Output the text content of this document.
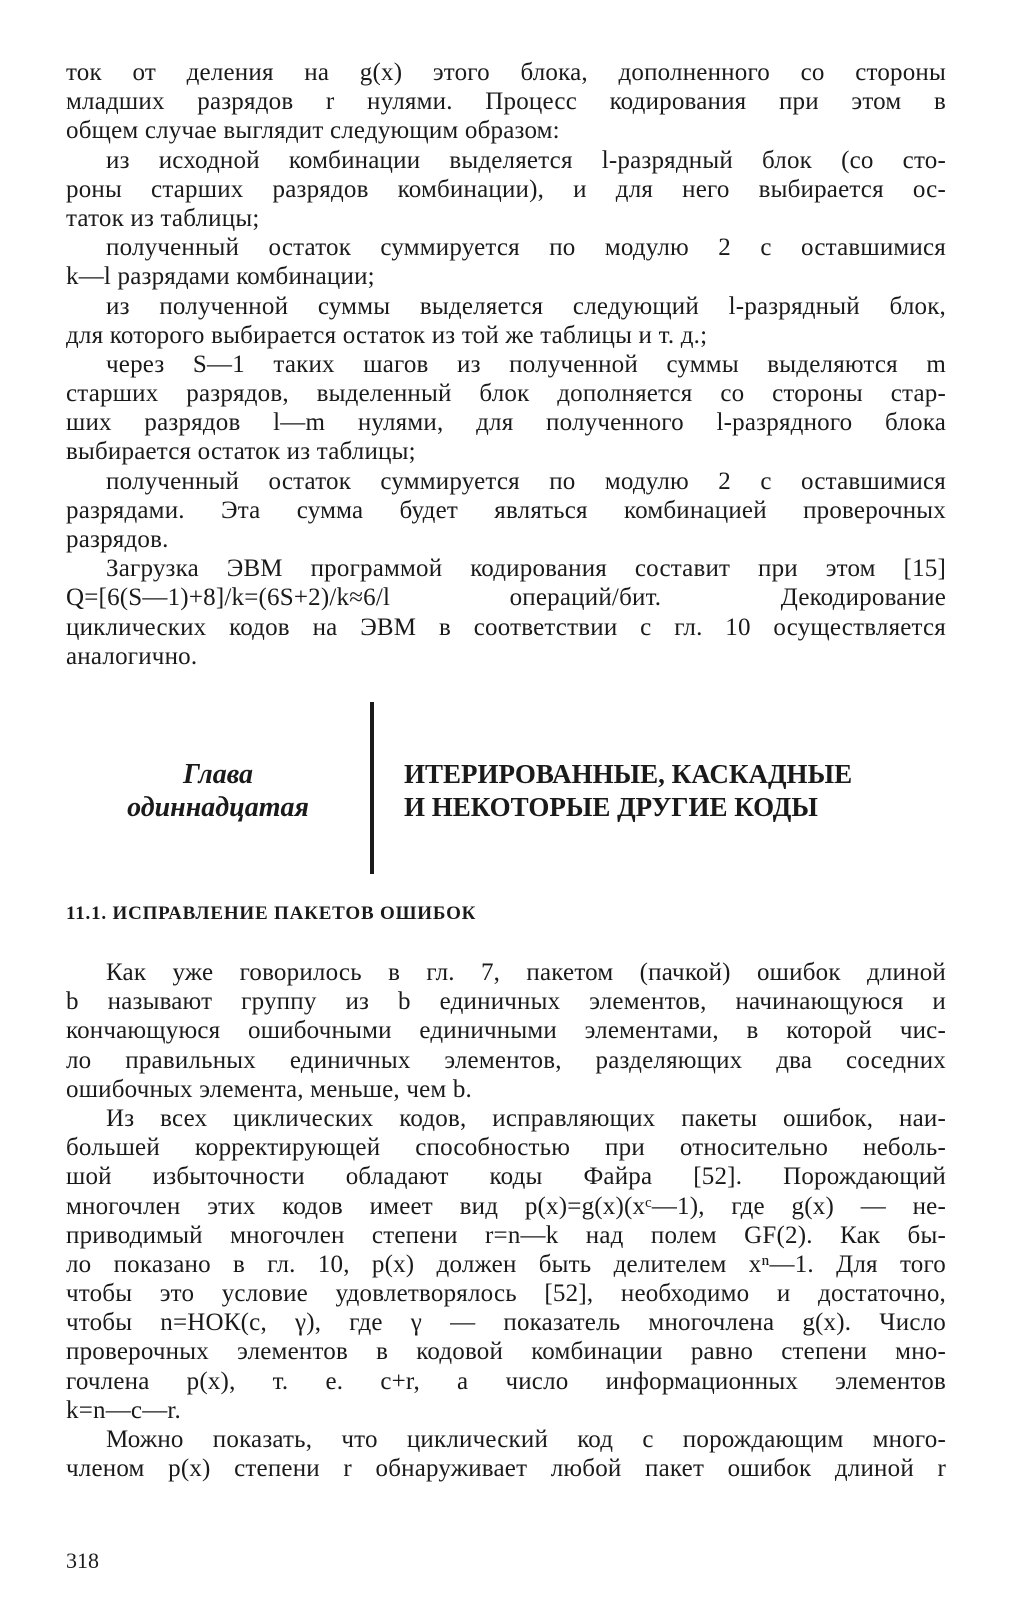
ток от деления на g(x) этого блока, дополненного со стороны
младших разрядов r нулями. Процесс кодирования при этом в
общем случае выглядит следующим образом:
из исходной комбинации выделяется l-разрядный блок (со сто-
роны старших разрядов комбинации), и для него выбирается ос-
таток из таблицы;
полученный остаток суммируется по модулю 2 с оставшимися
k—l разрядами комбинации;
из полученной суммы выделяется следующий l-разрядный блок,
для которого выбирается остаток из той же таблицы и т. д.;
через S—1 таких шагов из полученной суммы выделяются m
старших разрядов, выделенный блок дополняется со стороны стар-
ших разрядов l—m нулями, для полученного l-разрядного блока
выбирается остаток из таблицы;
полученный остаток суммируется по модулю 2 с оставшимися
разрядами. Эта сумма будет являться комбинацией проверочных
разрядов.
Загрузка ЭВМ программой кодирования составит при этом [15]
Q=[6(S—1)+8]/k=(6S+2)/k≈6/l операций/бит. Декодирование
циклических кодов на ЭВМ в соответствии с гл. 10 осуществляется
аналогично.
Глава
одиннадцатая
ИТЕРИРОВАННЫЕ, КАСКАДНЫЕ
И НЕКОТОРЫЕ ДРУГИЕ КОДЫ
11.1. ИСПРАВЛЕНИЕ ПАКЕТОВ ОШИБОК
Как уже говорилось в гл. 7, пакетом (пачкой) ошибок длиной
b называют группу из b единичных элементов, начинающуюся и
кончающуюся ошибочными единичными элементами, в которой чис-
ло правильных единичных элементов, разделяющих два соседних
ошибочных элемента, меньше, чем b.
Из всех циклических кодов, исправляющих пакеты ошибок, наи-
большей корректирующей способностью при относительно неболь-
шой избыточности обладают коды Файра [52]. Порождающий
многочлен этих кодов имеет вид p(x)=g(x)(xᶜ—1), где g(x) — не-
приводимый многочлен степени r=n—k над полем GF(2). Как бы-
ло показано в гл. 10, p(x) должен быть делителем xⁿ—1. Для того
чтобы это условие удовлетворялось [52], необходимо и достаточно,
чтобы n=НОК(c, γ), где γ — показатель многочлена g(x). Число
проверочных элементов в кодовой комбинации равно степени мно-
гочлена p(x), т. е. c+r, а число информационных элементов
k=n—c—r.
Можно показать, что циклический код с порождающим много-
членом p(x) степени r обнаруживает любой пакет ошибок длиной r
318
